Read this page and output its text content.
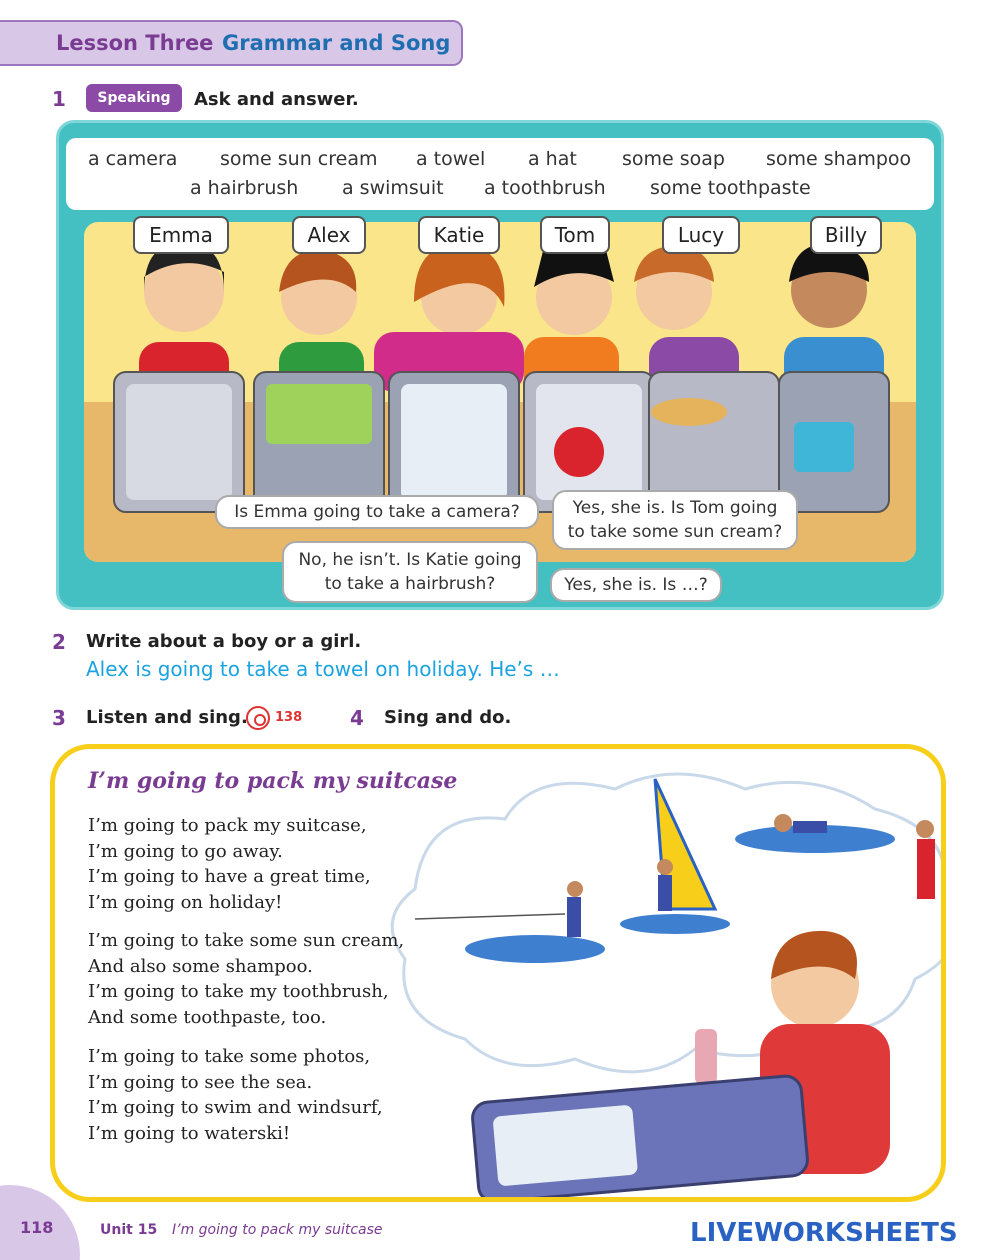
Lesson Three Grammar and Song
1	Speaking	Ask and answer.
a camera some sun cream a towel a hat some soap some shampoo
a hairbrush a swimsuit a toothbrush some toothpaste
Emma	Alex	Katie	Tom	Lucy	Billy
Is Emma going to take a camera?	Yes, she is. Is Tom going to take some sun cream?
No, he isn’t. Is Katie going to take a hairbrush?	Yes, she is. Is …?
2 Write about a boy or a girl.
Alex is going to take a towel on holiday. He’s …
3 Listen and sing. 138 4 Sing and do.
I’m going to pack my suitcase
I’m going to pack my suitcase,
I’m going to go away.
I’m going to have a great time,
I’m going on holiday!
I’m going to take some sun cream,
And also some shampoo.
I’m going to take my toothbrush,
And some toothpaste, too.
I’m going to take some photos,
I’m going to see the sea.
I’m going to swim and windsurf,
I’m going to waterski!
118	Unit 15 I’m going to pack my suitcase	LIVEWORKSHEETS
